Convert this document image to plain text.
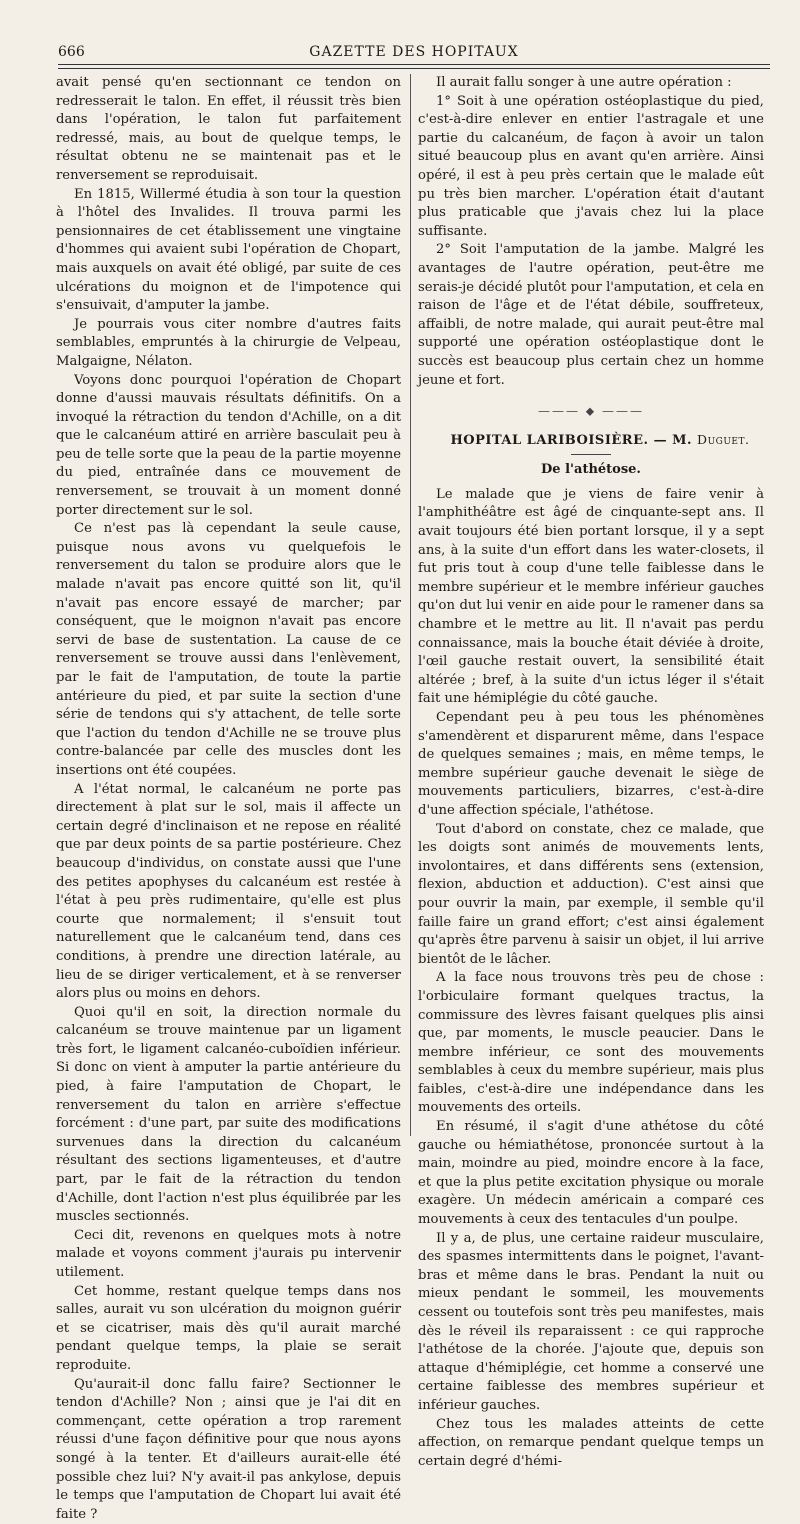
666	GAZETTE DES HOPITAUX

avait pensé qu'en sectionnant ce tendon on redresserait le talon. En effet, il réussit très bien dans l'opération, le talon fut parfaitement redressé, mais, au bout de quelque temps, le résultat obtenu ne se maintenait pas et le renversement se reproduisait.

En 1815, Willermé étudia à son tour la question à l'hôtel des Invalides. Il trouva parmi les pensionnaires de cet établissement une vingtaine d'hommes qui avaient subi l'opération de Chopart, mais auxquels on avait été obligé, par suite de ces ulcérations du moignon et de l'impotence qui s'ensuivait, d'amputer la jambe.

Je pourrais vous citer nombre d'autres faits semblables, empruntés à la chirurgie de Velpeau, Malgaigne, Nélaton.

Voyons donc pourquoi l'opération de Chopart donne d'aussi mauvais résultats définitifs. On a invoqué la rétraction du tendon d'Achille, on a dit que le calcanéum attiré en arrière basculait peu à peu de telle sorte que la peau de la partie moyenne du pied, entraînée dans ce mouvement de renversement, se trouvait à un moment donné porter directement sur le sol.

Ce n'est pas là cependant la seule cause, puisque nous avons vu quelquefois le renversement du talon se produire alors que le malade n'avait pas encore quitté son lit, qu'il n'avait pas encore essayé de marcher; par conséquent, que le moignon n'avait pas encore servi de base de sustentation. La cause de ce renversement se trouve aussi dans l'enlèvement, par le fait de l'amputation, de toute la partie antérieure du pied, et par suite la section d'une série de tendons qui s'y attachent, de telle sorte que l'action du tendon d'Achille ne se trouve plus contre-balancée par celle des muscles dont les insertions ont été coupées.

A l'état normal, le calcanéum ne porte pas directement à plat sur le sol, mais il affecte un certain degré d'inclinaison et ne repose en réalité que par deux points de sa partie postérieure. Chez beaucoup d'individus, on constate aussi que l'une des petites apophyses du calcanéum est restée à l'état à peu près rudimentaire, qu'elle est plus courte que normalement; il s'ensuit tout naturellement que le calcanéum tend, dans ces conditions, à prendre une direction latérale, au lieu de se diriger verticalement, et à se renverser alors plus ou moins en dehors.

Quoi qu'il en soit, la direction normale du calcanéum se trouve maintenue par un ligament très fort, le ligament calcanéo-cuboïdien inférieur. Si donc on vient à amputer la partie antérieure du pied, à faire l'amputation de Chopart, le renversement du talon en arrière s'effectue forcément : d'une part, par suite des modifications survenues dans la direction du calcanéum résultant des sections ligamenteuses, et d'autre part, par le fait de la rétraction du tendon d'Achille, dont l'action n'est plus équilibrée par les muscles sectionnés.

Ceci dit, revenons en quelques mots à notre malade et voyons comment j'aurais pu intervenir utilement.

Cet homme, restant quelque temps dans nos salles, aurait vu son ulcération du moignon guérir et se cicatriser, mais dès qu'il aurait marché pendant quelque temps, la plaie se serait reproduite.

Qu'aurait-il donc fallu faire? Sectionner le tendon d'Achille? Non ; ainsi que je l'ai dit en commençant, cette opération a trop rarement réussi d'une façon définitive pour que nous ayons songé à la tenter. Et d'ailleurs aurait-elle été possible chez lui? N'y avait-il pas ankylose, depuis le temps que l'amputation de Chopart lui avait été faite ?

Il aurait fallu songer à une autre opération :

1° Soit à une opération ostéoplastique du pied, c'est-à-dire enlever en entier l'astragale et une partie du calcanéum, de façon à avoir un talon situé beaucoup plus en avant qu'en arrière. Ainsi opéré, il est à peu près certain que le malade eût pu très bien marcher. L'opération était d'autant plus praticable que j'avais chez lui la place suffisante.

2° Soit l'amputation de la jambe. Malgré les avantages de l'autre opération, peut-être me serais-je décidé plutôt pour l'amputation, et cela en raison de l'âge et de l'état débile, souffreteux, affaibli, de notre malade, qui aurait peut-être mal supporté une opération ostéoplastique dont le succès est beaucoup plus certain chez un homme jeune et fort.

——— ⬥ ———

HOPITAL LARIBOISIÈRE. — M. Duguet.

De l'athétose.

Le malade que je viens de faire venir à l'amphithéâtre est âgé de cinquante-sept ans. Il avait toujours été bien portant lorsque, il y a sept ans, à la suite d'un effort dans les water-closets, il fut pris tout à coup d'une telle faiblesse dans le membre supérieur et le membre inférieur gauches qu'on dut lui venir en aide pour le ramener dans sa chambre et le mettre au lit. Il n'avait pas perdu connaissance, mais la bouche était déviée à droite, l'œil gauche restait ouvert, la sensibilité était altérée ; bref, à la suite d'un ictus léger il s'était fait une hémiplégie du côté gauche.

Cependant peu à peu tous les phénomènes s'amendèrent et disparurent même, dans l'espace de quelques semaines ; mais, en même temps, le membre supérieur gauche devenait le siège de mouvements particuliers, bizarres, c'est-à-dire d'une affection spéciale, l'athétose.

Tout d'abord on constate, chez ce malade, que les doigts sont animés de mouvements lents, involontaires, et dans différents sens (extension, flexion, abduction et adduction). C'est ainsi que pour ouvrir la main, par exemple, il semble qu'il faille faire un grand effort; c'est ainsi également qu'après être parvenu à saisir un objet, il lui arrive bientôt de le lâcher.

A la face nous trouvons très peu de chose : l'orbiculaire formant quelques tractus, la commissure des lèvres faisant quelques plis ainsi que, par moments, le muscle peaucier. Dans le membre inférieur, ce sont des mouvements semblables à ceux du membre supérieur, mais plus faibles, c'est-à-dire une indépendance dans les mouvements des orteils.

En résumé, il s'agit d'une athétose du côté gauche ou hémiathétose, prononcée surtout à la main, moindre au pied, moindre encore à la face, et que la plus petite excitation physique ou morale exagère. Un médecin américain a comparé ces mouvements à ceux des tentacules d'un poulpe.

Il y a, de plus, une certaine raideur musculaire, des spasmes intermittents dans le poignet, l'avant-bras et même dans le bras. Pendant la nuit ou mieux pendant le sommeil, les mouvements cessent ou toutefois sont très peu manifestes, mais dès le réveil ils reparaissent : ce qui rapproche l'athétose de la chorée. J'ajoute que, depuis son attaque d'hémiplégie, cet homme a conservé une certaine faiblesse des membres supérieur et inférieur gauches.

Chez tous les malades atteints de cette affection, on remarque pendant quelque temps un certain degré d'hémi-
